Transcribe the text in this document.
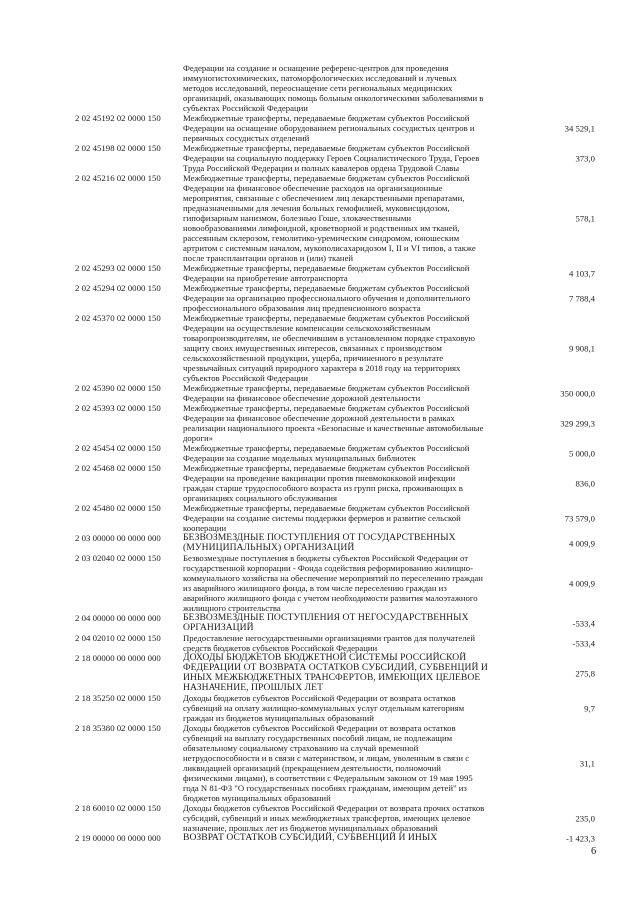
Федерации на создание и оснащение референс-центров для проведения
иммуногистохимических, патоморфологических исследований и лучевых
методов исследований, переоснащение сети региональных медицинских
организаций, оказывающих помощь больным онкологическими заболеваниями в
субъектах Российской Федерации
2 02 45192 02 0000 150	Межбюджетные трансферты, передаваемые бюджетам субъектов Российской
Федерации на оснащение оборудованием региональных сосудистых центров и
первичных сосудистых отделений
34 529,1
2 02 45198 02 0000 150	Межбюджетные трансферты, передаваемые бюджетам субъектов Российской
Федерации на социальную поддержку Героев Социалистического Труда, Героев
Труда Российской Федерации и полных кавалеров ордена Трудовой Славы
373,0
2 02 45216 02 0000 150	Межбюджетные трансферты, передаваемые бюджетам субъектов Российской
Федерации на финансовое обеспечение расходов на организационные
мероприятия, связанные с обеспечением лиц лекарственными препаратами,
предназначенными для лечения больных гемофилией, муковисцидозом,
гипофизарным нанизмом, болезнью Гоше, злокачественными
новообразованиями лимфоидной, кроветворной и родственных им тканей,
рассеянным склерозом, гемолитико-уремическим синдромом, юношеским
артритом с системным началом, мукополисахаридозом I, II и VI типов, а также
после трансплантации органов и (или) тканей
578,1
2 02 45293 02 0000 150	Межбюджетные трансферты, передаваемые бюджетам субъектов Российской
Федерации на приобретение автотранспорта	4 103,7
2 02 45294 02 0000 150	Межбюджетные трансферты, передаваемые бюджетам субъектов Российской
Федерации на организацию профессионального обучения и дополнительного
профессионального образования лиц предпенсионного возраста
7 788,4
2 02 45370 02 0000 150	Межбюджетные трансферты, передаваемые бюджетам субъектов Российской
Федерации на осуществление компенсации сельскохозяйственным
товаропроизводителям, не обеспечившим в установленном порядке страховую
защиту своих имущественных интересов, связанных с производством
сельскохозяйственной продукции, ущерба, причиненного в результате
чрезвычайных ситуаций природного характера в 2018 году на территориях
субъектов Российской Федерации
9 908,1
2 02 45390 02 0000 150	Межбюджетные трансферты, передаваемые бюджетам субъектов Российской
Федерации на финансовое обеспечение дорожной деятельности	350 000,0
2 02 45393 02 0000 150	Межбюджетные трансферты, передаваемые бюджетам субъектов Российской
Федерации на финансовое обеспечение дорожной деятельности в рамках
реализации национального проекта «Безопасные и качественные автомобильные
дороги»
329 299,3
2 02 45454 02 0000 150	Межбюджетные трансферты, передаваемые бюджетам субъектов Российской
Федерации на создание модельных муниципальных библиотек	5 000,0
2 02 45468 02 0000 150	Межбюджетные трансферты, передаваемые бюджетам субъектов Российской
Федерации на проведение вакцинации против пневмококковой инфекции
граждан старше трудоспособного возраста из групп риска, проживающих в
организациях социального обслуживания
836,0
2 02 45480 02 0000 150	Межбюджетные трансферты, передаваемые бюджетам субъектов Российской
Федерации на создание системы поддержки фермеров и развитие сельской
кооперации
73 579,0
2 03 00000 00 0000 000	БЕЗВОЗМЕЗДНЫЕ ПОСТУПЛЕНИЯ ОТ ГОСУДАРСТВЕННЫХ
(МУНИЦИПАЛЬНЫХ) ОРГАНИЗАЦИЙ	4 009,9
2 03 02040 02 0000 150	Безвозмездные поступления в бюджеты субъектов Российской Федерации от
государственной корпорации - Фонда содействия реформированию жилищно-
коммунального хозяйства на обеспечение мероприятий по переселению граждан
из аварийного жилищного фонда, в том числе переселению граждан из
аварийного жилищного фонда с учетом необходимости развития малоэтажного
жилищного строительства
4 009,9
2 04 00000 00 0000 000	БЕЗВОЗМЕЗДНЫЕ ПОСТУПЛЕНИЯ ОТ НЕГОСУДАРСТВЕННЫХ
ОРГАНИЗАЦИЙ	-533,4
2 04 02010 02 0000 150	Предоставление негосударственными организациями грантов для получателей
средств бюджетов субъектов Российской Федерации	-533,4
2 18 00000 00 0000 000	ДОХОДЫ БЮДЖЕТОВ БЮДЖЕТНОЙ СИСТЕМЫ РОССИЙСКОЙ
ФЕДЕРАЦИИ ОТ ВОЗВРАТА ОСТАТКОВ СУБСИДИЙ, СУБВЕНЦИЙ И
ИНЫХ МЕЖБЮДЖЕТНЫХ ТРАНСФЕРТОВ, ИМЕЮЩИХ ЦЕЛЕВОЕ
НАЗНАЧЕНИЕ, ПРОШЛЫХ ЛЕТ
275,8
2 18 35250 02 0000 150	Доходы бюджетов субъектов Российской Федерации от возврата остатков
субвенций на оплату жилищно-коммунальных услуг отдельным категориям
граждан из бюджетов муниципальных образований
9,7
2 18 35380 02 0000 150	Доходы бюджетов субъектов Российской Федерации от возврата остатков
субвенций на выплату государственных пособий лицам, не подлежащим
обязательному социальному страхованию на случай временной
нетрудоспособности и в связи с материнством, и лицам, уволенным в связи с
ликвидацией организаций (прекращением деятельности, полномочий
физическими лицами), в соответствии с Федеральным законом от 19 мая 1995
года N 81-ФЗ "О государственных пособиях гражданам, имеющим детей" из
бюджетов муниципальных образований
31,1
2 18 60010 02 0000 150	Доходы бюджетов субъектов Российской Федерации от возврата прочих остатков
субсидий, субвенций и иных межбюджетных трансфертов, имеющих целевое
назначение, прошлых лет из бюджетов муниципальных образований
235,0
2 19 00000 00 0000 000	ВОЗВРАТ ОСТАТКОВ СУБСИДИЙ, СУБВЕНЦИЙ И ИНЫХ	-1 423,3
6
